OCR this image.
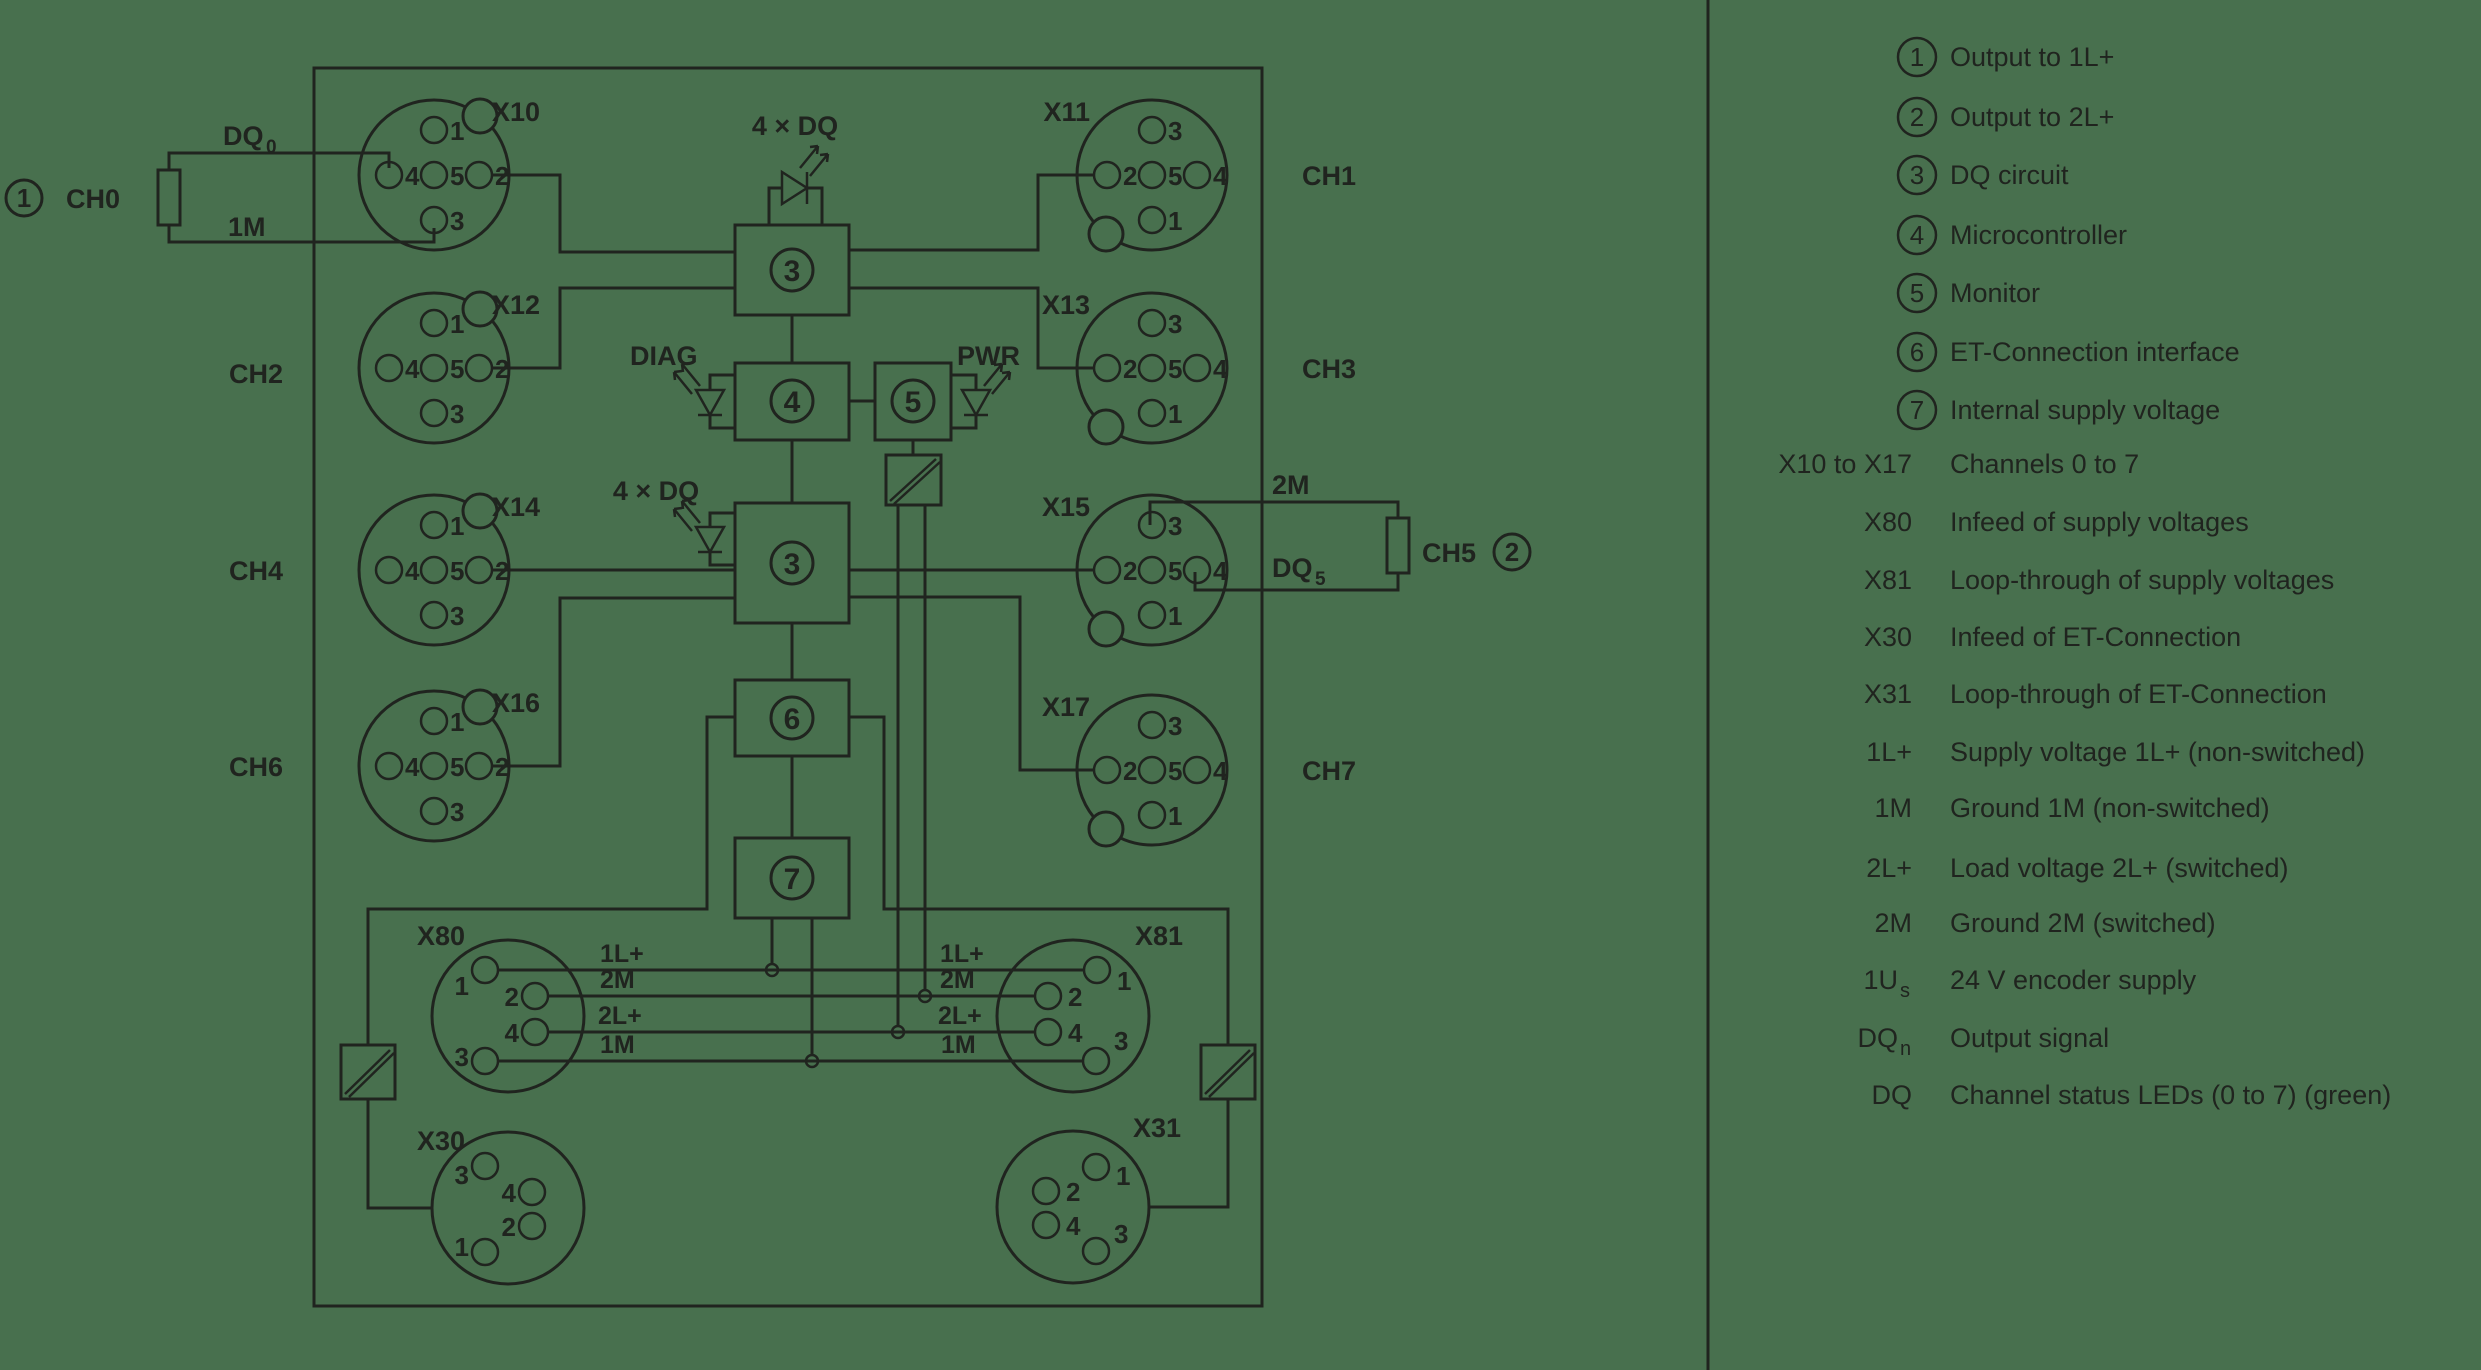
3
4	5
3
6
7
4 × DQ
4 × DQ
DIAG	PWR
DQ 0
1M
2M
DQ 5
CH0
CH2
CH4
CH6
CH1
CH3
CH7
CH5
1
2
1
4 5 2
3
X10
1
4 5 2
3
X12
1
4 5 2
3
X14
1
4 5 2
3
X16
3
2 5 4
1
X11
3
2 5 4
1
X13
3
2 5 4
1
X15
3
2 5 4
1
X17
1 2
4
3
X80
1
2
4 3
X81
3
4
2
1
X30
1
2
4 3
X31
1L+
2M
2L+
1M
1L+
2M
2L+
1M
1 Output to 1L+
2 Output to 2L+
3 DQ circuit
4 Microcontroller
5 Monitor
6 ET-Connection interface
7 Internal supply voltage
X10 to X17 Channels 0 to 7
X80 Infeed of supply voltages
X81 Loop-through of supply voltages
X30 Infeed of ET-Connection
X31 Loop-through of ET-Connection
1L+ Supply voltage 1L+ (non-switched)
1M Ground 1M (non-switched)
2L+ Load voltage 2L+ (switched)
2M Ground 2M (switched)
1U s 24 V encoder supply
DQ n Output signal
DQ Channel status LEDs (0 to 7) (green)
